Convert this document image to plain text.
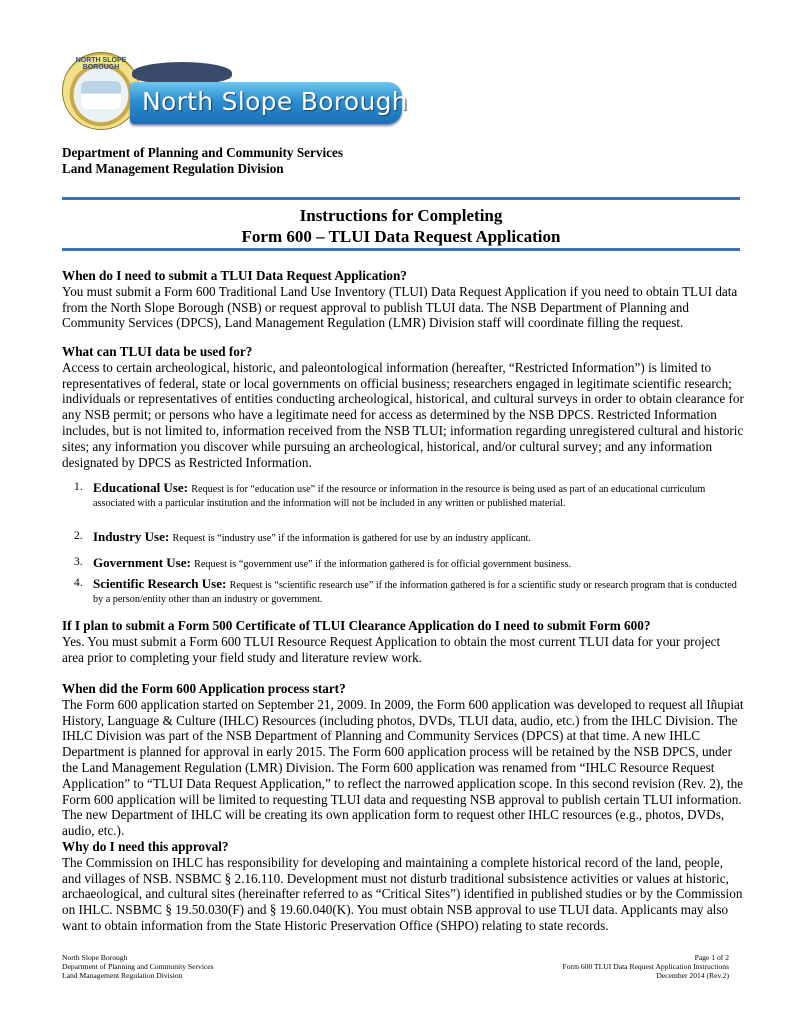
NORTH SLOPE BOROUGH
North Slope Borough
Department of Planning and Community Services
Land Management Regulation Division
Instructions for Completing
Form 600 – TLUI Data Request Application

When do I need to submit a TLUI Data Request Application?

You must submit a Form 600 Traditional Land Use Inventory (TLUI) Data Request Application if you need to obtain TLUI data from the North Slope Borough (NSB) or request approval to publish TLUI data. The NSB Department of Planning and Community Services (DPCS), Land Management Regulation (LMR) Division staff will coordinate filling the request.

What can TLUI data be used for?

Access to certain archeological, historic, and paleontological information (hereafter, “Restricted Information”) is limited to representatives of federal, state or local governments on official business; researchers engaged in legitimate scientific research; individuals or representatives of entities conducting archeological, historical, and cultural surveys in order to obtain clearance for any NSB permit; or persons who have a legitimate need for access as determined by the NSB DPCS. Restricted Information includes, but is not limited to, information received from the NSB TLUI; information regarding unregistered cultural and historic sites; any information you discover while pursuing an archeological, historical, and/or cultural survey; and any information designated by DPCS as Restricted Information.

1. Educational Use: Request is for “education use” if the resource or information in the resource is being used as part of an educational curriculum associated with a particular institution and the information will not be included in any written or published material.
2. Industry Use: Request is “industry use” if the information is gathered for use by an industry applicant.
3. Government Use: Request is “government use” if the information gathered is for official government business.
4. Scientific Research Use: Request is “scientific research use” if the information gathered is for a scientific study or research program that is conducted by a person/entity other than an industry or government.

If I plan to submit a Form 500 Certificate of TLUI Clearance Application do I need to submit Form 600?

Yes. You must submit a Form 600 TLUI Resource Request Application to obtain the most current TLUI data for your project area prior to completing your field study and literature review work.

When did the Form 600 Application process start?

The Form 600 application started on September 21, 2009. In 2009, the Form 600 application was developed to request all Iñupiat History, Language & Culture (IHLC) Resources (including photos, DVDs, TLUI data, audio, etc.) from the IHLC Division. The IHLC Division was part of the NSB Department of Planning and Community Services (DPCS) at that time. A new IHLC Department is planned for approval in early 2015. The Form 600 application process will be retained by the NSB DPCS, under the Land Management Regulation (LMR) Division. The Form 600 application was renamed from “IHLC Resource Request Application” to “TLUI Data Request Application,” to reflect the narrowed application scope. In this second revision (Rev. 2), the Form 600 application will be limited to requesting TLUI data and requesting NSB approval to publish certain TLUI information. The new Department of IHLC will be creating its own application form to request other IHLC resources (e.g., photos, DVDs, audio, etc.).

Why do I need this approval?

The Commission on IHLC has responsibility for developing and maintaining a complete historical record of the land, people, and villages of NSB. NSBMC § 2.16.110. Development must not disturb traditional subsistence activities or values at historic, archaeological, and cultural sites (hereinafter referred to as “Critical Sites”) identified in published studies or by the Commission on IHLC. NSBMC § 19.50.030(F) and § 19.60.040(K). You must obtain NSB approval to use TLUI data. Applicants may also want to obtain information from the State Historic Preservation Office (SHPO) relating to state records.

North Slope Borough
Department of Planning and Community Services
Land Management Regulation Division
Page 1 of 2
Form 600 TLUI Data Request Application Instructions
December 2014 (Rev.2)
